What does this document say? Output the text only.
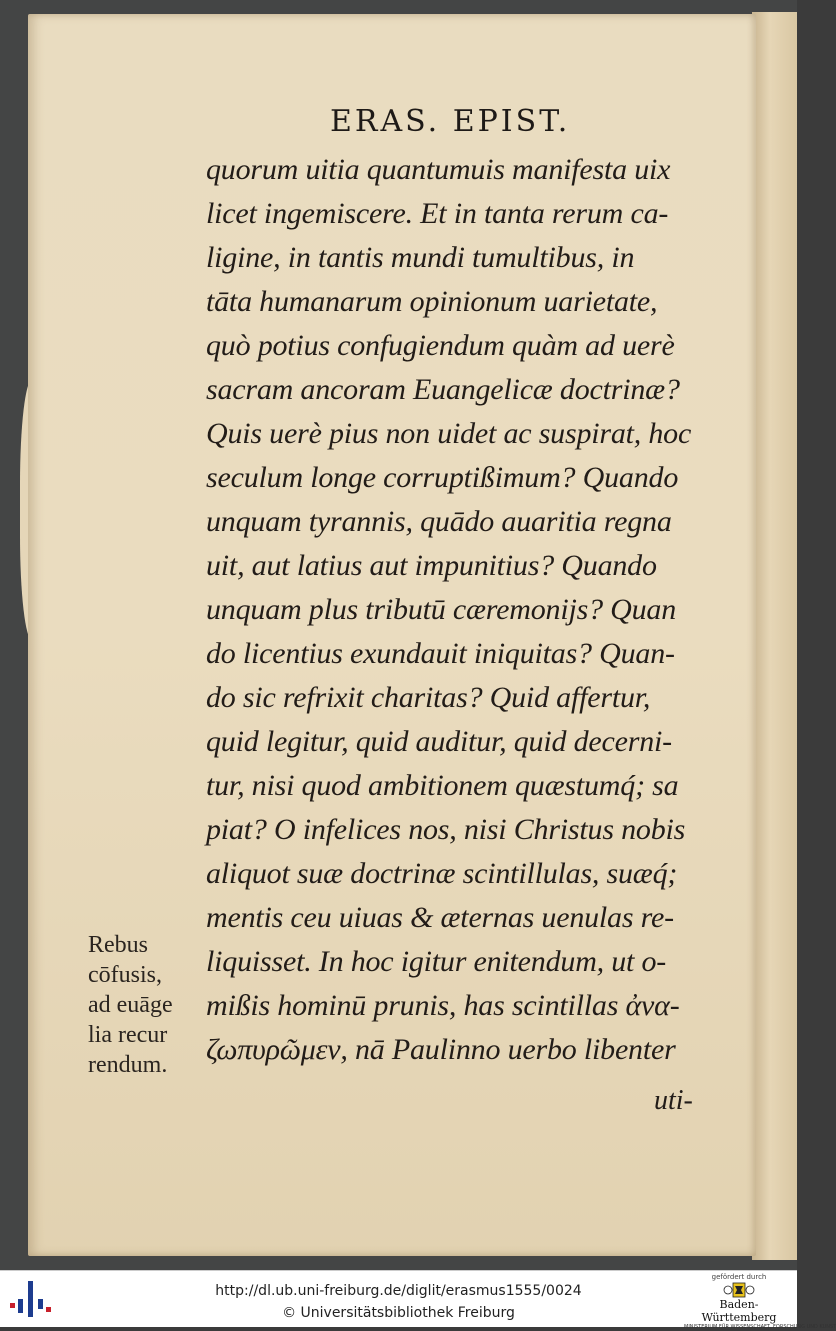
ERAS. EPIST.
quorum uitia quantumuis manifesta uix
licet ingemiscere. Et in tanta rerum ca-
ligine, in tantis mundi tumultibus, in
tāta humanarum opinionum uarietate,
quò potius confugiendum quàm ad uerè
sacram ancoram Euangelicæ doctrinæ?
Quis uerè pius non uidet ac suspirat, hoc
seculum longe corruptißimum? Quando
unquam tyrannis, quādo auaritia regna
uit, aut latius aut impunitius? Quando
unquam plus tributū cæremonijs? Quan
do licentius exundauit iniquitas? Quan-
do sic refrixit charitas? Quid affertur,
quid legitur, quid auditur, quid decerni-
tur, nisi quod ambitionem quæstumq́; sa
piat? O infelices nos, nisi Christus nobis
aliquot suæ doctrinæ scintillulas, suæq́;
mentis ceu uiuas & æternas uenulas re-
liquisset. In hoc igitur enitendum, ut o-
mißis hominū prunis, has scintillas ἀνα-
ζωπυρῶμεν, nā Paulinno uerbo libenter
Rebus
cōfusis,
ad euāge
lia recur
rendum.
uti-
http://dl.ub.uni-freiburg.de/diglit/erasmus1555/0024
© Universitätsbibliothek Freiburg
gefördert durch
Baden-Württemberg
MINISTERIUM FÜR WISSENSCHAFT, FORSCHUNG UND KUNST
